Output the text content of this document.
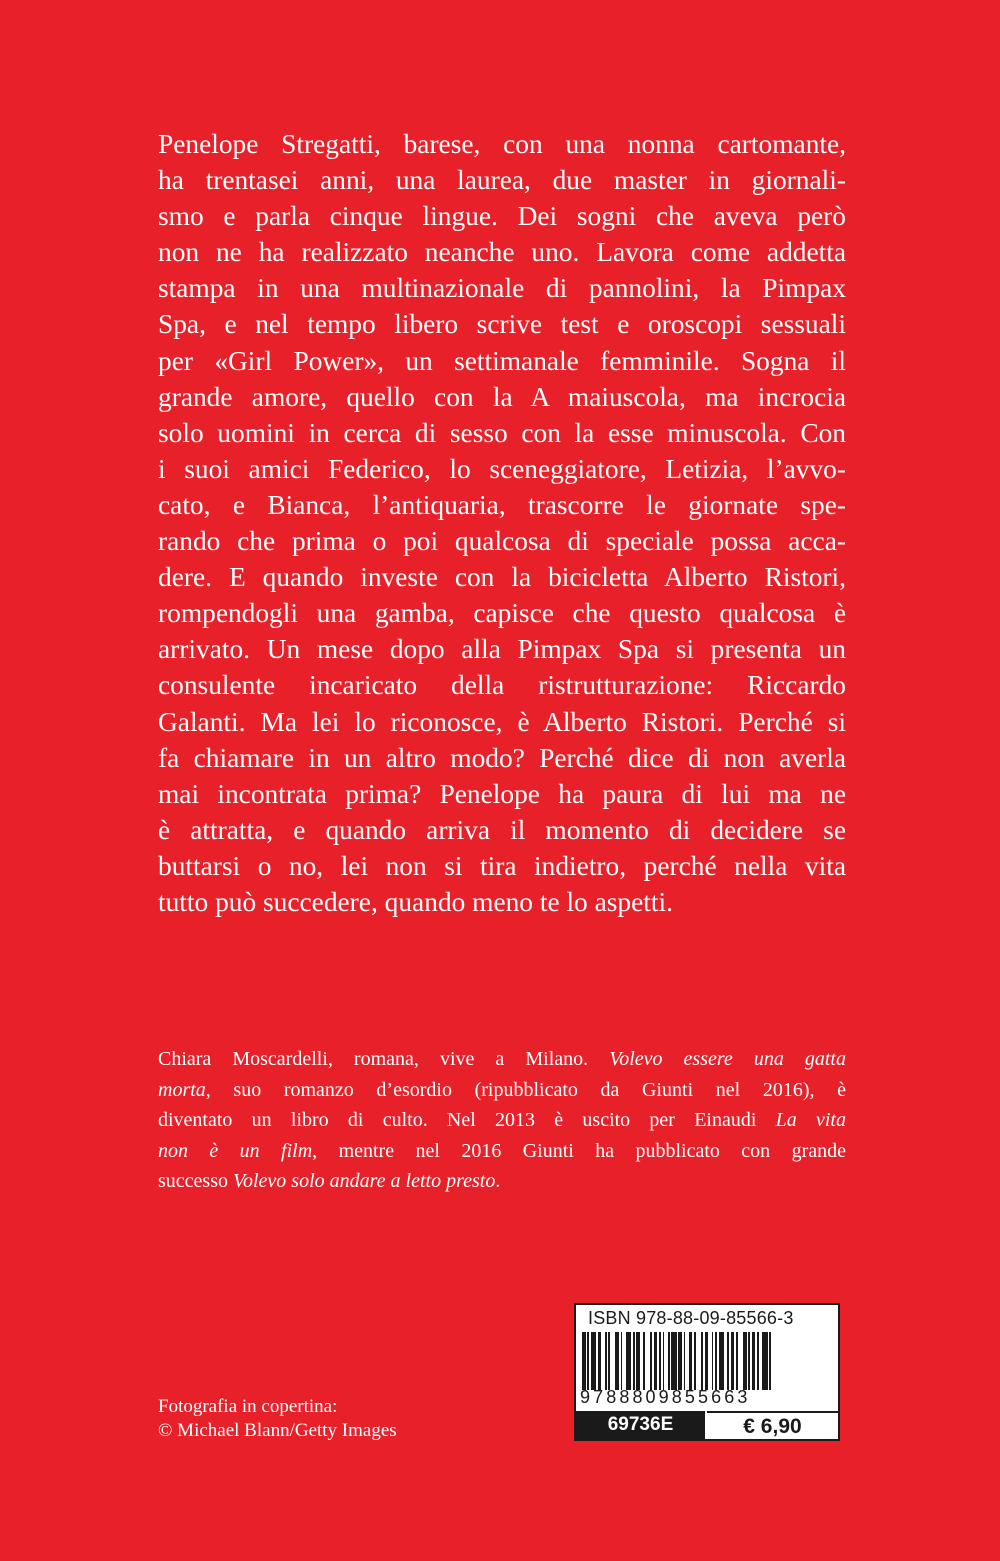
Penelope Stregatti, barese, con una nonna cartomante,
ha trentasei anni, una laurea, due master in giornali-
smo e parla cinque lingue. Dei sogni che aveva però
non ne ha realizzato neanche uno. Lavora come addetta
stampa in una multinazionale di pannolini, la Pimpax
Spa, e nel tempo libero scrive test e oroscopi sessuali
per «Girl Power», un settimanale femminile. Sogna il
grande amore, quello con la A maiuscola, ma incrocia
solo uomini in cerca di sesso con la esse minuscola. Con
i suoi amici Federico, lo sceneggiatore, Letizia, l’avvo-
cato, e Bianca, l’antiquaria, trascorre le giornate spe-
rando che prima o poi qualcosa di speciale possa acca-
dere. E quando investe con la bicicletta Alberto Ristori,
rompendogli una gamba, capisce che questo qualcosa è
arrivato. Un mese dopo alla Pimpax Spa si presenta un
consulente incaricato della ristrutturazione: Riccardo
Galanti. Ma lei lo riconosce, è Alberto Ristori. Perché si
fa chiamare in un altro modo? Perché dice di non averla
mai incontrata prima? Penelope ha paura di lui ma ne
è attratta, e quando arriva il momento di decidere se
buttarsi o no, lei non si tira indietro, perché nella vita
tutto può succedere, quando meno te lo aspetti.
Chiara Moscardelli, romana, vive a Milano. Volevo essere una gatta
morta, suo romanzo d’esordio (ripubblicato da Giunti nel 2016), è
diventato un libro di culto. Nel 2013 è uscito per Einaudi La vita
non è un film, mentre nel 2016 Giunti ha pubblicato con grande
successo Volevo solo andare a letto presto.
Fotografia in copertina:
© Michael Blann/Getty Images
ISBN 978-88-09-85566-3
9788809855663
69736E	€ 6,90
